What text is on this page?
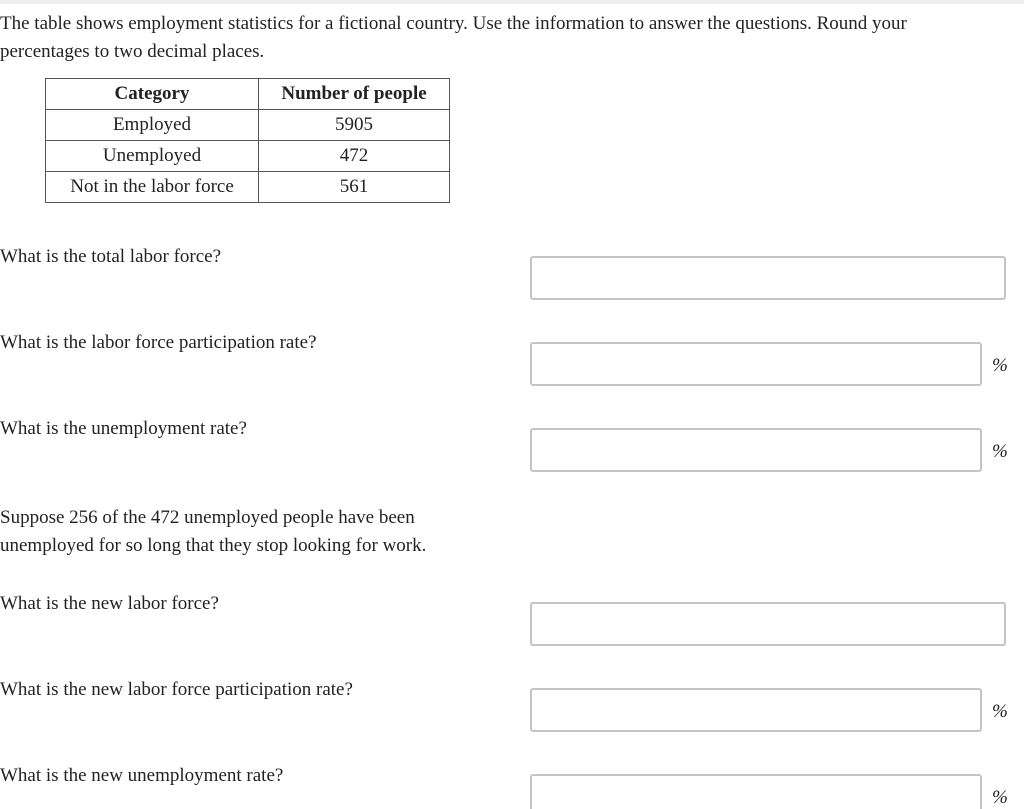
The table shows employment statistics for a fictional country. Use the information to answer the questions. Round your percentages to two decimal places.
Category	Number of people
Employed	5905
Unemployed	472
Not in the labor force	561
What is the total labor force?
What is the labor force participation rate?
%
What is the unemployment rate?
%
Suppose 256 of the 472 unemployed people have been unemployed for so long that they stop looking for work.
What is the new labor force?
What is the new labor force participation rate?
%
What is the new unemployment rate?
%
